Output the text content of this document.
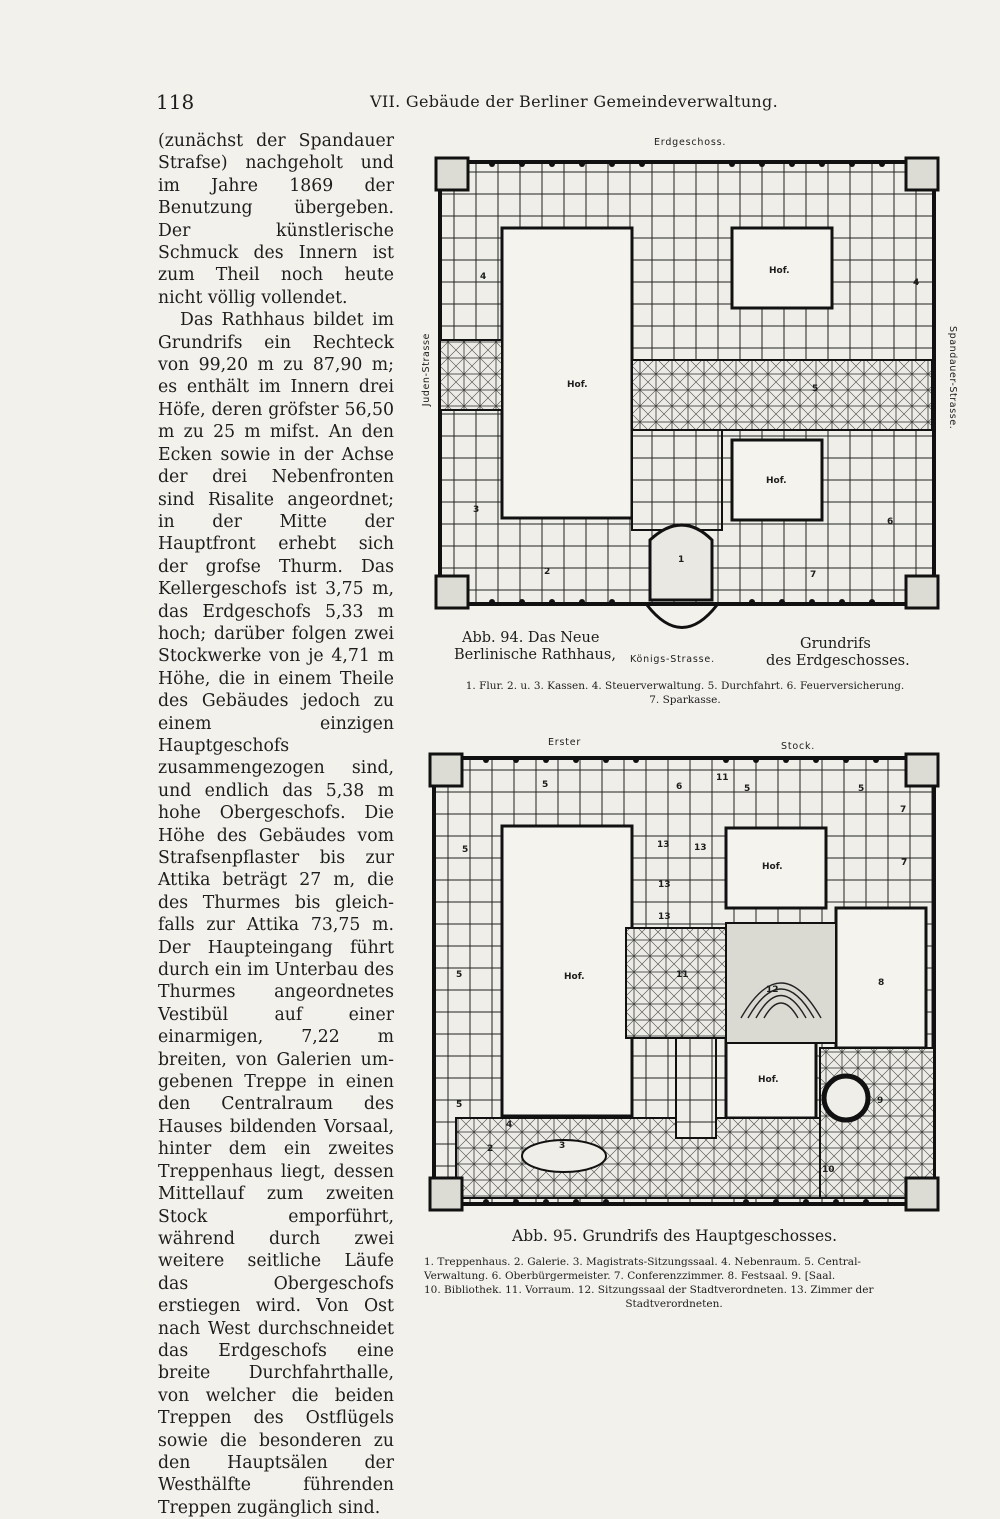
118	VII. Gebäude der Berliner Gemeindeverwaltung.

(zunächst der Spandauer Strafse) nachgeholt und im Jahre 1869 der Benutzung übergeben. Der künstlerische Schmuck des Innern ist zum Theil noch heute nicht völlig vollendet.

Das Rathhaus bildet im Grundrifs ein Rechteck von 99,20 m zu 87,90 m; es enthält im Innern drei Höfe, deren gröfster 56,50 m zu 25 m mifst. An den Ecken sowie in der Achse der drei Nebenfronten sind Risalite angeordnet; in der Mitte der Hauptfront erhebt sich der grofse Thurm. Das Kellergeschofs ist 3,75 m, das Erdgeschofs 5,33 m hoch; darüber folgen zwei Stockwerke von je 4,71 m Höhe, die in einem Theile des Gebäudes jedoch zu einem einzigen Hauptgeschofs zusammengezogen sind, und endlich das 5,38 m hohe Obergeschofs. Die Höhe des Gebäudes vom Strafsenpflaster bis zur Attika beträgt 27 m, die des Thurmes bis gleichfalls zur Attika 73,75 m. Der Haupteingang führt durch ein im Unterbau des Thurmes angeordnetes Vestibül auf einer einarmigen, 7,22 m breiten, von Galerien umgebenen Treppe in einen den Centralraum des Hauses bildenden Vorsaal, hinter dem ein zweites Treppenhaus liegt, dessen Mittellauf zum zweiten Stock emporführt, während durch zwei weitere seitliche Läufe das Obergeschofs erstiegen wird. Von Ost nach West durchschneidet das Erdgeschofs eine breite Durchfahrthalle, von welcher die beiden Treppen des Ostflügels sowie die besonderen zu den Hauptsälen der Westhälfte führenden Treppen zugänglich sind.

Erdgeschoss.
Hof.
Hof.
Hof.
4
4
5
3
6
2
1
7
Juden-Strasse	Spandauer-Strasse.
Königs-Strasse.
Abb. 94. Das Neue
Berlinische Rathhaus,
Grundrifs
des Erdgeschosses.
1. Flur. 2. u. 3. Kassen. 4. Steuerverwaltung. 5. Durchfahrt. 6. Feuerversicherung.
7. Sparkasse.
Erster	Stock.
Hof.
Hof.
Hof.
5	6
11
5	5
7
7
5	13
13
13
13
11
5
8
5	9
2	3
4
10
12
Abb. 95. Grundrifs des Hauptgeschosses.
1. Treppenhaus. 2. Galerie. 3. Magistrats-Sitzungssaal. 4. Nebenraum. 5. Central-
Verwaltung. 6. Oberbürgermeister. 7. Conferenzzimmer. 8. Festsaal. 9. [Saal.
10. Bibliothek. 11. Vorraum. 12. Sitzungssaal der Stadtverordneten. 13. Zimmer der
Stadtverordneten.
